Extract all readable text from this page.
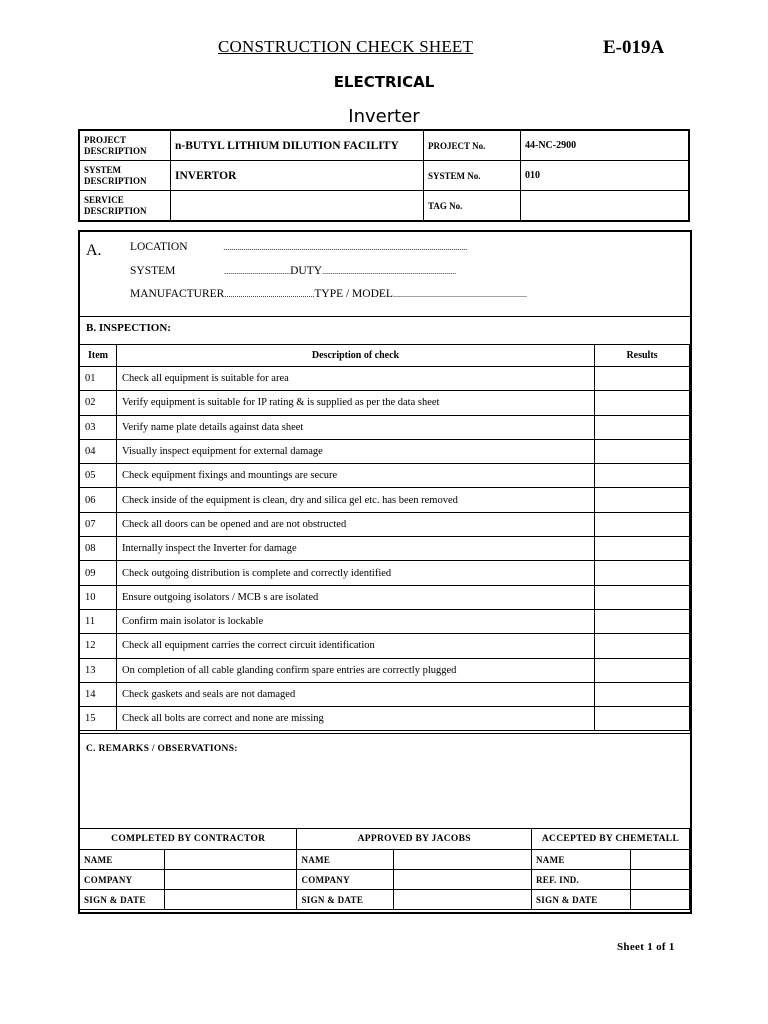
CONSTRUCTION CHECK SHEET	E-019A
ELECTRICAL
Inverter
PROJECT
DESCRIPTION	n-BUTYL LITHIUM DILUTION FACILITY	PROJECT No.	44-NC-2900
SYSTEM
DESCRIPTION	INVERTOR	SYSTEM No.	010
SERVICE
DESCRIPTION		TAG No.	
A. LOCATION	..........................................................................................................................
SYSTEM	.................................DUTY...................................................................
MANUFACTURER.............................................TYPE / MODEL...................................................................
B. INSPECTION:
Item	Description of check	Results
01	Check all equipment is suitable for area	
02	Verify equipment is suitable for IP rating & is supplied as per the data sheet	
03	Verify name plate details against data sheet	
04	Visually inspect equipment for external damage	
05	Check equipment fixings and mountings are secure	
06	Check inside of the equipment is clean, dry and silica gel etc. has been removed	
07	Check all doors can be opened and are not obstructed	
08	Internally inspect the Inverter for damage	
09	Check outgoing distribution is complete and correctly identified	
10	Ensure outgoing isolators / MCB s are isolated	
11	Confirm main isolator is lockable	
12	Check all equipment carries the correct circuit identification	
13	On completion of all cable glanding confirm spare entries are correctly plugged	
14	Check gaskets and seals are not damaged	
15	Check all bolts are correct and none are missing	
C. REMARKS / OBSERVATIONS:
COMPLETED BY CONTRACTOR		APPROVED BY JACOBS		ACCEPTED BY CHEMETALL	
NAME		NAME		NAME	
COMPANY		COMPANY		REF. IND.	
SIGN & DATE		SIGN & DATE		SIGN & DATE	
Sheet 1 of 1
